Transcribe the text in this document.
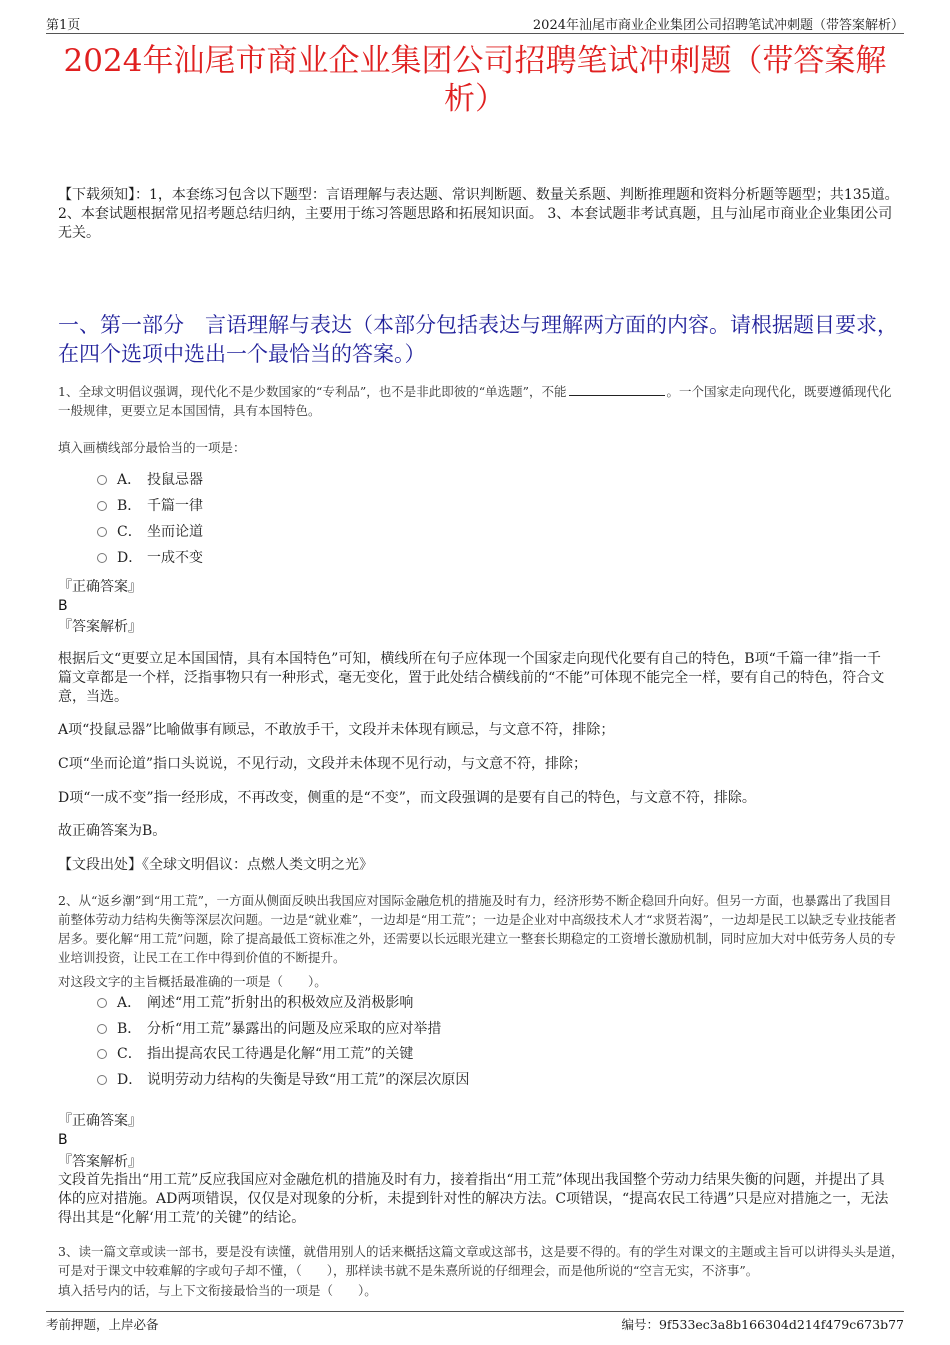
第1页	2024年汕尾市商业企业集团公司招聘笔试冲刺题（带答案解析）
2024年汕尾市商业企业集团公司招聘笔试冲刺题（带答案解析）
【下载须知】：1，本套练习包含以下题型：言语理解与表达题、常识判断题、数量关系题、判断推理题和资料分析题等题型；共135道。 2、本套试题根据常见招考题总结归纳，主要用于练习答题思路和拓展知识面。 3、本套试题非考试真题，且与汕尾市商业企业集团公司无关。
一、第一部分　言语理解与表达（本部分包括表达与理解两方面的内容。请根据题目要求，在四个选项中选出一个最恰当的答案。）
1、全球文明倡议强调，现代化不是少数国家的“专利品”，也不是非此即彼的“单选题”，不能	。一个国家走向现代化，既要遵循现代化一般规律，更要立足本国国情，具有本国特色。
填入画横线部分最恰当的一项是：
A． 投鼠忌器
B． 千篇一律
C． 坐而论道
D． 一成不变
『正确答案』
B
『答案解析』
根据后文“更要立足本国国情，具有本国特色”可知，横线所在句子应体现一个国家走向现代化要有自己的特色，B项“千篇一律”指一千篇文章都是一个样，泛指事物只有一种形式，毫无变化，置于此处结合横线前的“不能”可体现不能完全一样，要有自己的特色，符合文意，当选。
A项“投鼠忌器”比喻做事有顾忌，不敢放手干，文段并未体现有顾忌，与文意不符，排除；
C项“坐而论道”指口头说说，不见行动，文段并未体现不见行动，与文意不符，排除；
D项“一成不变”指一经形成，不再改变，侧重的是“不变”，而文段强调的是要有自己的特色，与文意不符，排除。
故正确答案为B。
【文段出处】《全球文明倡议：点燃人类文明之光》
2、从“返乡潮”到“用工荒”，一方面从侧面反映出我国应对国际金融危机的措施及时有力，经济形势不断企稳回升向好。但另一方面，也暴露出了我国目前整体劳动力结构失衡等深层次问题。一边是“就业难”，一边却是“用工荒”；一边是企业对中高级技术人才“求贤若渴”，一边却是民工以缺乏专业技能者居多。要化解“用工荒”问题，除了提高最低工资标准之外，还需要以长远眼光建立一整套长期稳定的工资增长激励机制，同时应加大对中低劳务人员的专业培训投资，让民工在工作中得到价值的不断提升。
对这段文字的主旨概括最准确的一项是（　　）。
A． 阐述“用工荒”折射出的积极效应及消极影响
B． 分析“用工荒”暴露出的问题及应采取的应对举措
C． 指出提高农民工待遇是化解“用工荒”的关键
D． 说明劳动力结构的失衡是导致“用工荒”的深层次原因
『正确答案』
B
『答案解析』
文段首先指出“用工荒”反应我国应对金融危机的措施及时有力，接着指出“用工荒”体现出我国整个劳动力结果失衡的问题，并提出了具体的应对措施。AD两项错误，仅仅是对现象的分析，未提到针对性的解决方法。C项错误，“提高农民工待遇”只是应对措施之一，无法得出其是“化解‘用工荒’的关键”的结论。
3、读一篇文章或读一部书，要是没有读懂，就借用别人的话来概括这篇文章或这部书，这是要不得的。有的学生对课文的主题或主旨可以讲得头头是道，可是对于课文中较难解的字或句子却不懂，（　　），那样读书就不是朱熹所说的仔细理会，而是他所说的“空言无实，不济事”。
填入括号内的话，与上下文衔接最恰当的一项是（　　）。
考前押题，上岸必备	编号：9f533ec3a8b166304d214f479c673b77
